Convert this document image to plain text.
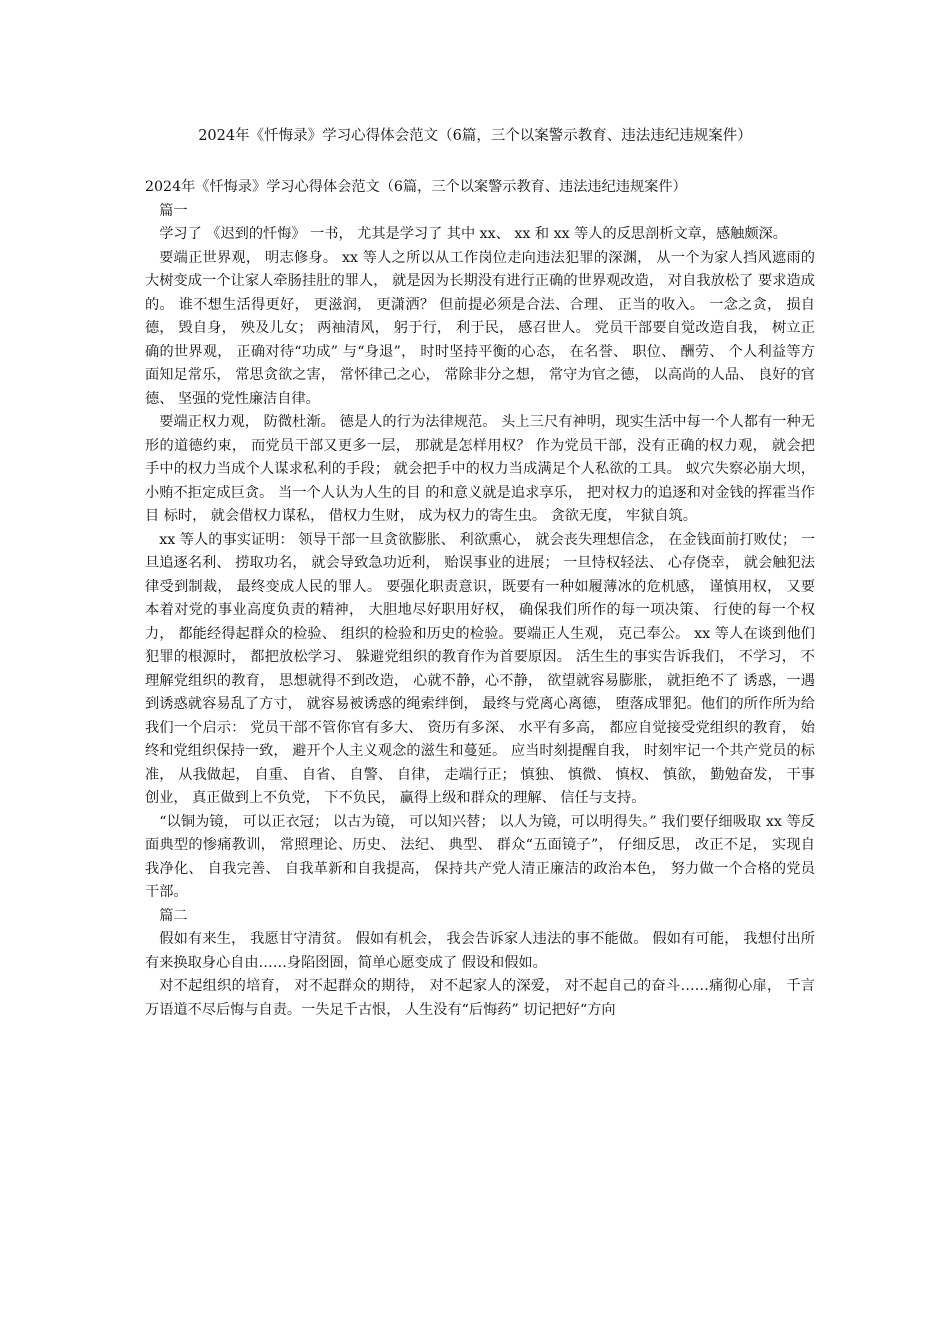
2024年《忏悔录》学习心得体会范文（6篇，三个以案警示教育、违法违纪违规案件）

2024年《忏悔录》学习心得体会范文（6篇，三个以案警示教育、违法违纪违规案件）

篇一

学习了 《迟到的忏悔》 一书， 尤其是学习了 其中 xx、 xx 和 xx 等人的反思剖析文章，感触颇深。

要端正世界观， 明志修身。 xx 等人之所以从工作岗位走向违法犯罪的深渊， 从一个为家人挡风遮雨的大树变成一个让家人牵肠挂肚的罪人， 就是因为长期没有进行正确的世界观改造， 对自我放松了 要求造成的。 谁不想生活得更好， 更滋润， 更潇洒？ 但前提必须是合法、合理、 正当的收入。 一念之贪， 损自德， 毁自身， 殃及儿女； 两袖清风， 躬于行， 利于民， 感召世人。 党员干部要自觉改造自我， 树立正确的世界观， 正确对待“功成” 与“身退”， 时时坚持平衡的心态， 在名誉、 职位、 酬劳、 个人利益等方面知足常乐， 常思贪欲之害， 常怀律己之心， 常除非分之想， 常守为官之德， 以高尚的人品、 良好的官德、 坚强的党性廉洁自律。

要端正权力观， 防微杜渐。 德是人的行为法律规范。 头上三尺有神明，现实生活中每一个人都有一种无形的道德约束， 而党员干部又更多一层， 那就是怎样用权？ 作为党员干部，没有正确的权力观， 就会把手中的权力当成个人谋求私利的手段； 就会把手中的权力当成满足个人私欲的工具。 蚁穴失察必崩大坝， 小贿不拒定成巨贪。 当一个人认为人生的目 的和意义就是追求享乐， 把对权力的追逐和对金钱的挥霍当作目 标时， 就会借权力谋私， 借权力生财， 成为权力的寄生虫。 贪欲无度， 牢狱自筑。

xx 等人的事实证明： 领导干部一旦贪欲膨胀、 利欲熏心， 就会丧失理想信念， 在金钱面前打败仗； 一旦追逐名利、 捞取功名， 就会导致急功近利， 贻误事业的进展； 一旦恃权轻法、 心存侥幸， 就会触犯法律受到制裁， 最终变成人民的罪人。 要强化职责意识，既要有一种如履薄冰的危机感， 谨慎用权， 又要本着对党的事业高度负责的精神， 大胆地尽好职用好权， 确保我们所作的每一项决策、 行使的每一个权力， 都能经得起群众的检验、 组织的检验和历史的检验。要端正人生观， 克己奉公。 xx 等人在谈到他们犯罪的根源时， 都把放松学习、 躲避党组织的教育作为首要原因。 活生生的事实告诉我们， 不学习， 不理解党组织的教育， 思想就得不到改造， 心就不静，心不静， 欲望就容易膨胀， 就拒绝不了 诱惑，一遇到诱惑就容易乱了方寸， 就容易被诱惑的绳索绊倒， 最终与党离心离德， 堕落成罪犯。他们的所作所为给我们一个启示： 党员干部不管你官有多大、 资历有多深、 水平有多高， 都应自觉接受党组织的教育， 始终和党组织保持一致， 避开个人主义观念的滋生和蔓延。 应当时刻提醒自我， 时刻牢记一个共产党员的标准， 从我做起， 自重、 自省、 自警、 自律， 走端行正； 慎独、 慎微、 慎权、 慎欲， 勤勉奋发， 干事创业， 真正做到上不负党， 下不负民， 赢得上级和群众的理解、 信任与支持。

“以铜为镜， 可以正衣冠； 以古为镜， 可以知兴替； 以人为镜，可以明得失。” 我们要仔细吸取 xx 等反面典型的惨痛教训， 常照理论、历史、 法纪、 典型、 群众“五面镜子”， 仔细反思， 改正不足， 实现自我净化、 自我完善、 自我革新和自我提高， 保持共产党人清正廉洁的政治本色， 努力做一个合格的党员干部。

篇二

假如有来生， 我愿甘守清贫。 假如有机会， 我会告诉家人违法的事不能做。 假如有可能， 我想付出所有来换取身心自由……身陷囹圄，简单心愿变成了 假设和假如。

对不起组织的培育， 对不起群众的期待， 对不起家人的深爱， 对不起自己的奋斗……痛彻心扉， 千言万语道不尽后悔与自责。一失足千古恨， 人生没有“后悔药” 切记把好“方向
